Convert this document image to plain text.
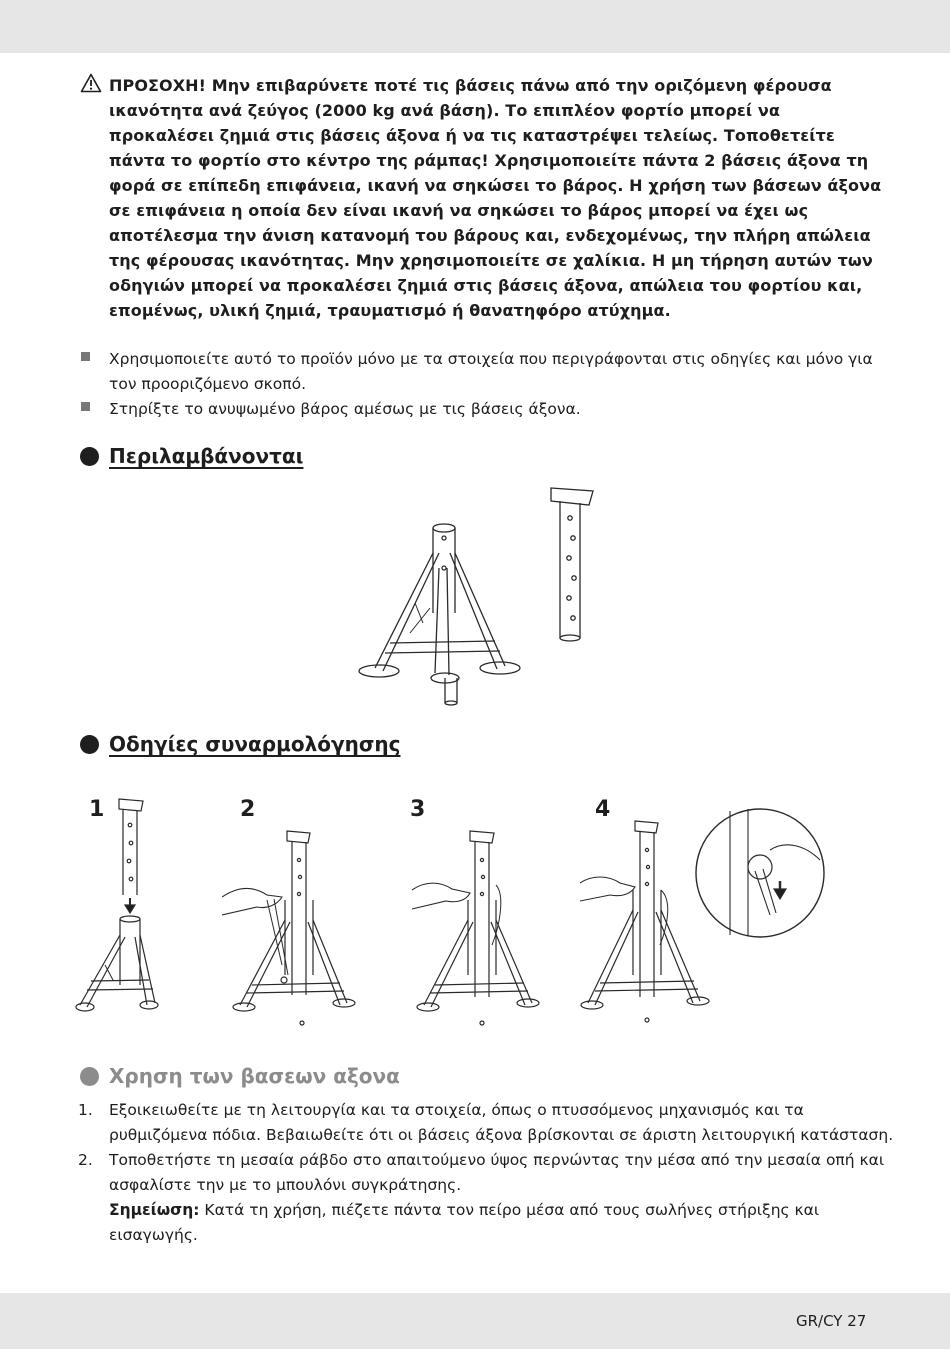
ΠΡΟΣΟΧΗ! Μην επιβαρύνετε ποτέ τις βάσεις πάνω από την οριζόμενη φέρουσα ικανότητα ανά ζεύγος (2000 kg ανά βάση). Το επιπλέον φορτίο μπορεί να προκαλέσει ζημιά στις βάσεις άξονα ή να τις καταστρέψει τελείως. Τοποθετείτε πάντα το φορτίο στο κέντρο της ράμπας! Χρησιμοποιείτε πάντα 2 βάσεις άξονα τη φορά σε επίπεδη επιφάνεια, ικανή να σηκώσει το βάρος. Η χρήση των βάσεων άξονα σε επιφάνεια η οποία δεν είναι ικανή να σηκώσει το βάρος μπορεί να έχει ως αποτέλεσμα την άνιση κατανομή του βάρους και, ενδεχομένως, την πλήρη απώλεια της φέρουσας ικανότητας. Μην χρησιμοποιείτε σε χαλίκια. Η μη τήρηση αυτών των οδηγιών μπορεί να προκαλέσει ζημιά στις βάσεις άξονα, απώλεια του φορτίου και, επομένως, υλική ζημιά, τραυματισμό ή θανατηφόρο ατύχημα.
Χρησιμοποιείτε αυτό το προϊόν μόνο με τα στοιχεία που περιγράφονται στις οδηγίες και μόνο για τον προοριζόμενο σκοπό.
Στηρίξτε το ανυψωμένο βάρος αμέσως με τις βάσεις άξονα.
Περιλαμβάνονται
Οδηγίες συναρμολόγησης
1	2	3	4
Χρηση των βασεων αξονα
1. Εξοικειωθείτε με τη λειτουργία και τα στοιχεία, όπως ο πτυσσόμενος μηχανισμός και τα ρυθμιζόμενα πόδια. Βεβαιωθείτε ότι οι βάσεις άξονα βρίσκονται σε άριστη λειτουργική κατάσταση.
2. Τοποθετήστε τη μεσαία ράβδο στο απαιτούμενο ύψος περνώντας την μέσα από την μεσαία οπή και ασφαλίστε την με το μπουλόνι συγκράτησης.
Σημείωση: Κατά τη χρήση, πιέζετε πάντα τον πείρο μέσα από τους σωλήνες στήριξης και εισαγωγής.
GR/CY 27
